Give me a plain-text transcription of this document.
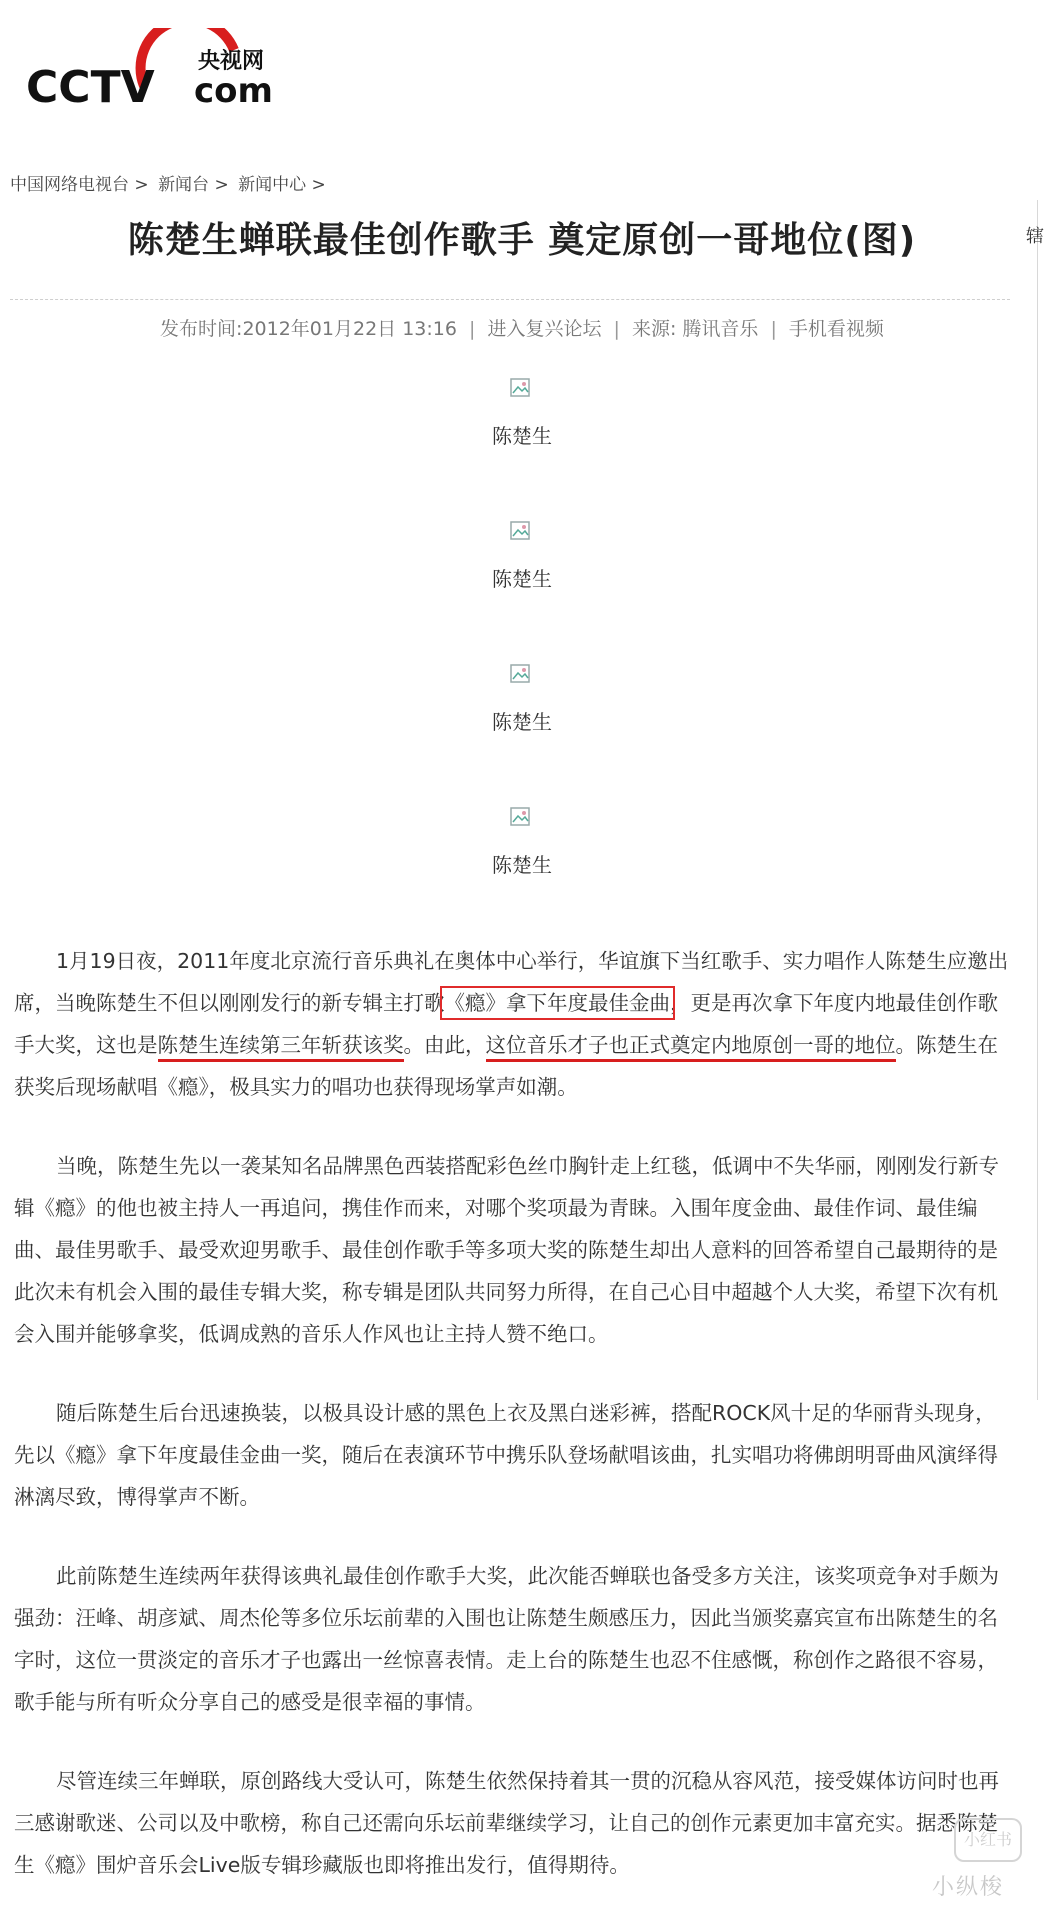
CCTV
央视网
com
中国网络电视台 > 新闻台 > 新闻中心 >
辖
陈楚生蝉联最佳创作歌手 奠定原创一哥地位(图)
发布时间:2012年01月22日 13:16 | 进入复兴论坛 | 来源: 腾讯音乐 | 手机看视频
陈楚生
陈楚生
陈楚生
陈楚生

1月19日夜，2011年度北京流行音乐典礼在奥体中心举行，华谊旗下当红歌手、实力唱作人陈楚生应邀出席，当晚陈楚生不但以刚刚发行的新专辑主打歌《瘾》拿下年度最佳金曲，更是再次拿下年度内地最佳创作歌手大奖，这也是陈楚生连续第三年斩获该奖。由此，这位音乐才子也正式奠定内地原创一哥的地位。陈楚生在获奖后现场献唱《瘾》，极具实力的唱功也获得现场掌声如潮。

当晚，陈楚生先以一袭某知名品牌黑色西装搭配彩色丝巾胸针走上红毯，低调中不失华丽，刚刚发行新专辑《瘾》的他也被主持人一再追问，携佳作而来，对哪个奖项最为青睐。入围年度金曲、最佳作词、最佳编曲、最佳男歌手、最受欢迎男歌手、最佳创作歌手等多项大奖的陈楚生却出人意料的回答希望自己最期待的是此次未有机会入围的最佳专辑大奖，称专辑是团队共同努力所得，在自己心目中超越个人大奖，希望下次有机会入围并能够拿奖，低调成熟的音乐人作风也让主持人赞不绝口。

随后陈楚生后台迅速换装，以极具设计感的黑色上衣及黑白迷彩裤，搭配ROCK风十足的华丽背头现身，先以《瘾》拿下年度最佳金曲一奖，随后在表演环节中携乐队登场献唱该曲，扎实唱功将佛朗明哥曲风演绎得淋漓尽致，博得掌声不断。

此前陈楚生连续两年获得该典礼最佳创作歌手大奖，此次能否蝉联也备受多方关注，该奖项竞争对手颇为强劲：汪峰、胡彦斌、周杰伦等多位乐坛前辈的入围也让陈楚生颇感压力，因此当颁奖嘉宾宣布出陈楚生的名字时，这位一贯淡定的音乐才子也露出一丝惊喜表情。走上台的陈楚生也忍不住感慨，称创作之路很不容易，歌手能与所有听众分享自己的感受是很幸福的事情。

尽管连续三年蝉联，原创路线大受认可，陈楚生依然保持着其一贯的沉稳从容风范，接受媒体访问时也再三感谢歌迷、公司以及中歌榜，称自己还需向乐坛前辈继续学习，让自己的创作元素更加丰富充实。据悉陈楚生《瘾》围炉音乐会Live版专辑珍藏版也即将推出发行，值得期待。

小红书
小纵梭
